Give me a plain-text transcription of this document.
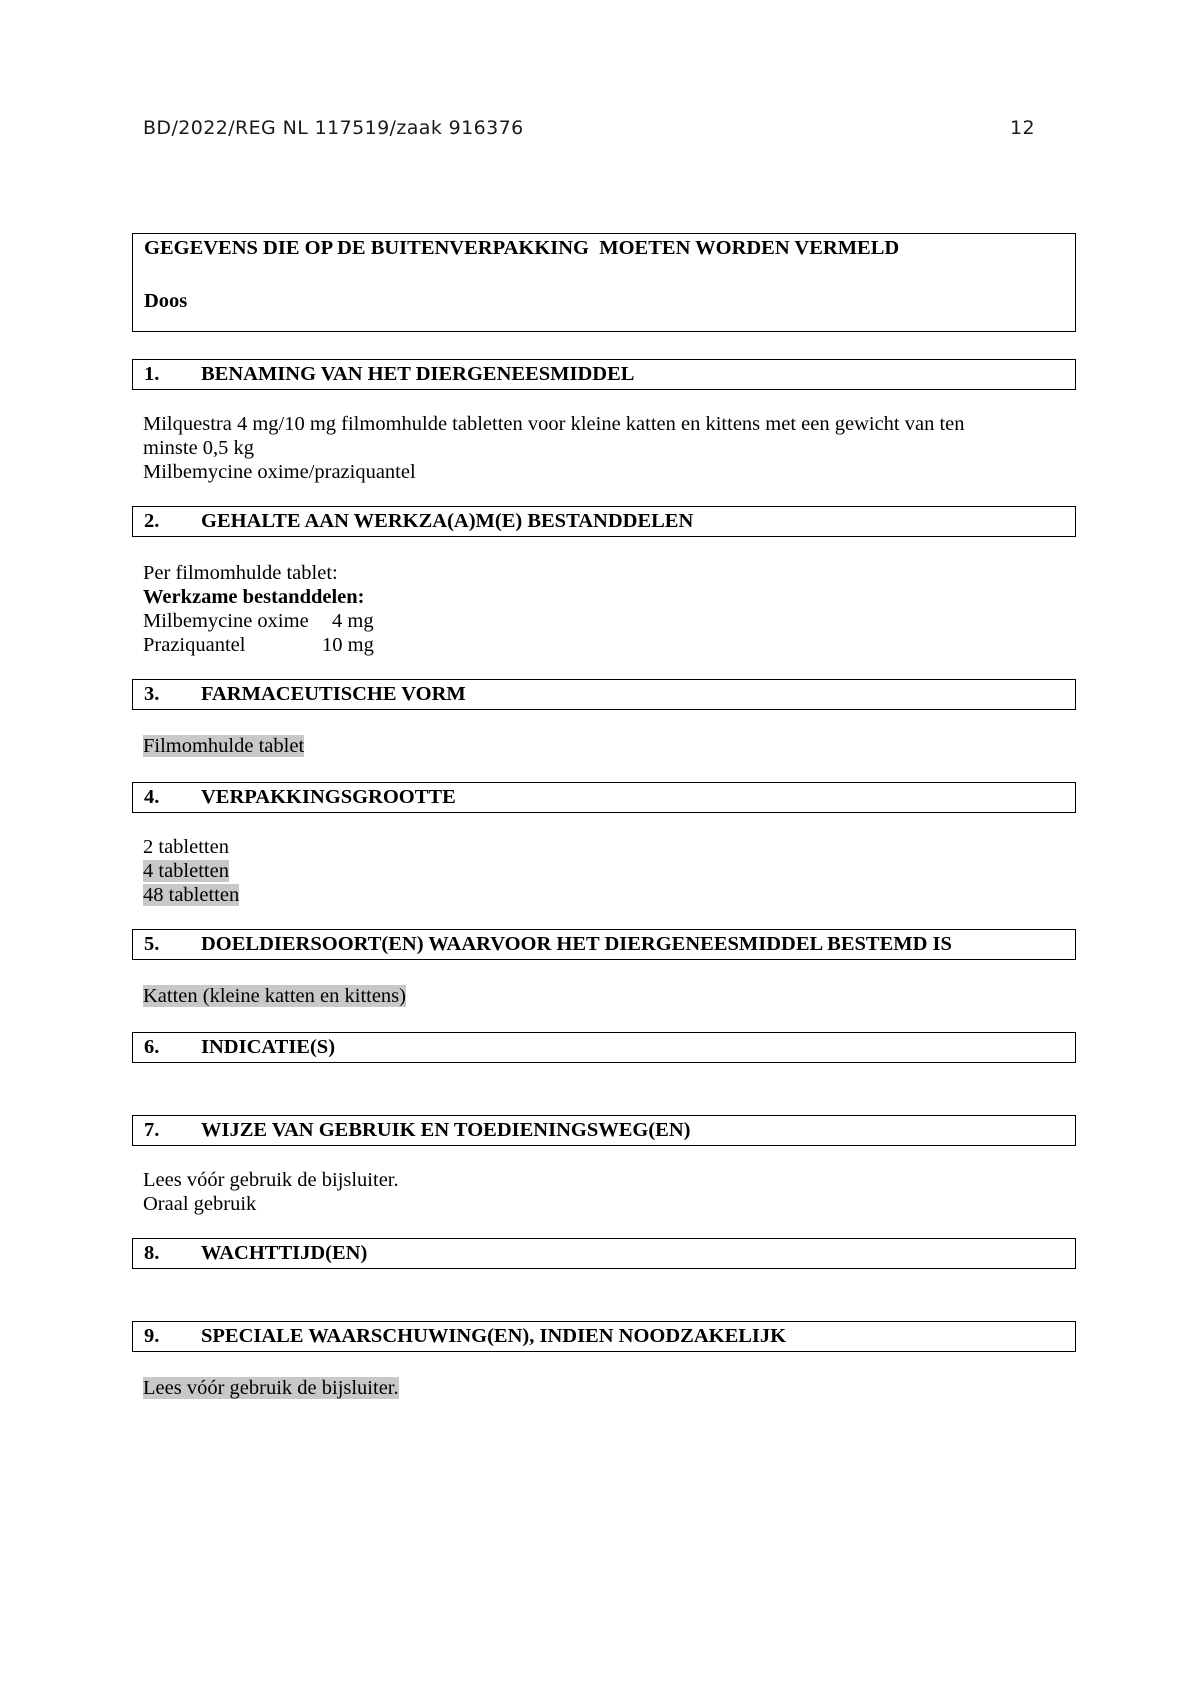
BD/2022/REG NL 117519/zaak 916376	12
GEGEVENS DIE OP DE BUITENVERPAKKING  MOETEN WORDEN VERMELD
Doos
1.	BENAMING VAN HET DIERGENEESMIDDEL
Milquestra 4 mg/10 mg filmomhulde tabletten voor kleine katten en kittens met een gewicht van ten
minste 0,5 kg
Milbemycine oxime/praziquantel
2.	GEHALTE AAN WERKZA(A)M(E) BESTANDDELEN
Per filmomhulde tablet:
Werkzame bestanddelen:
Milbemycine oxime	4 mg
Praziquantel	10 mg
3.	FARMACEUTISCHE VORM
Filmomhulde tablet
4.	VERPAKKINGSGROOTTE
2 tabletten
4 tabletten
48 tabletten
5.	DOELDIERSOORT(EN) WAARVOOR HET DIERGENEESMIDDEL BESTEMD IS
Katten (kleine katten en kittens)
6.	INDICATIE(S)
7.	WIJZE VAN GEBRUIK EN TOEDIENINGSWEG(EN)
Lees vóór gebruik de bijsluiter.
Oraal gebruik
8.	WACHTTIJD(EN)
9.	SPECIALE WAARSCHUWING(EN), INDIEN NOODZAKELIJK
Lees vóór gebruik de bijsluiter.
